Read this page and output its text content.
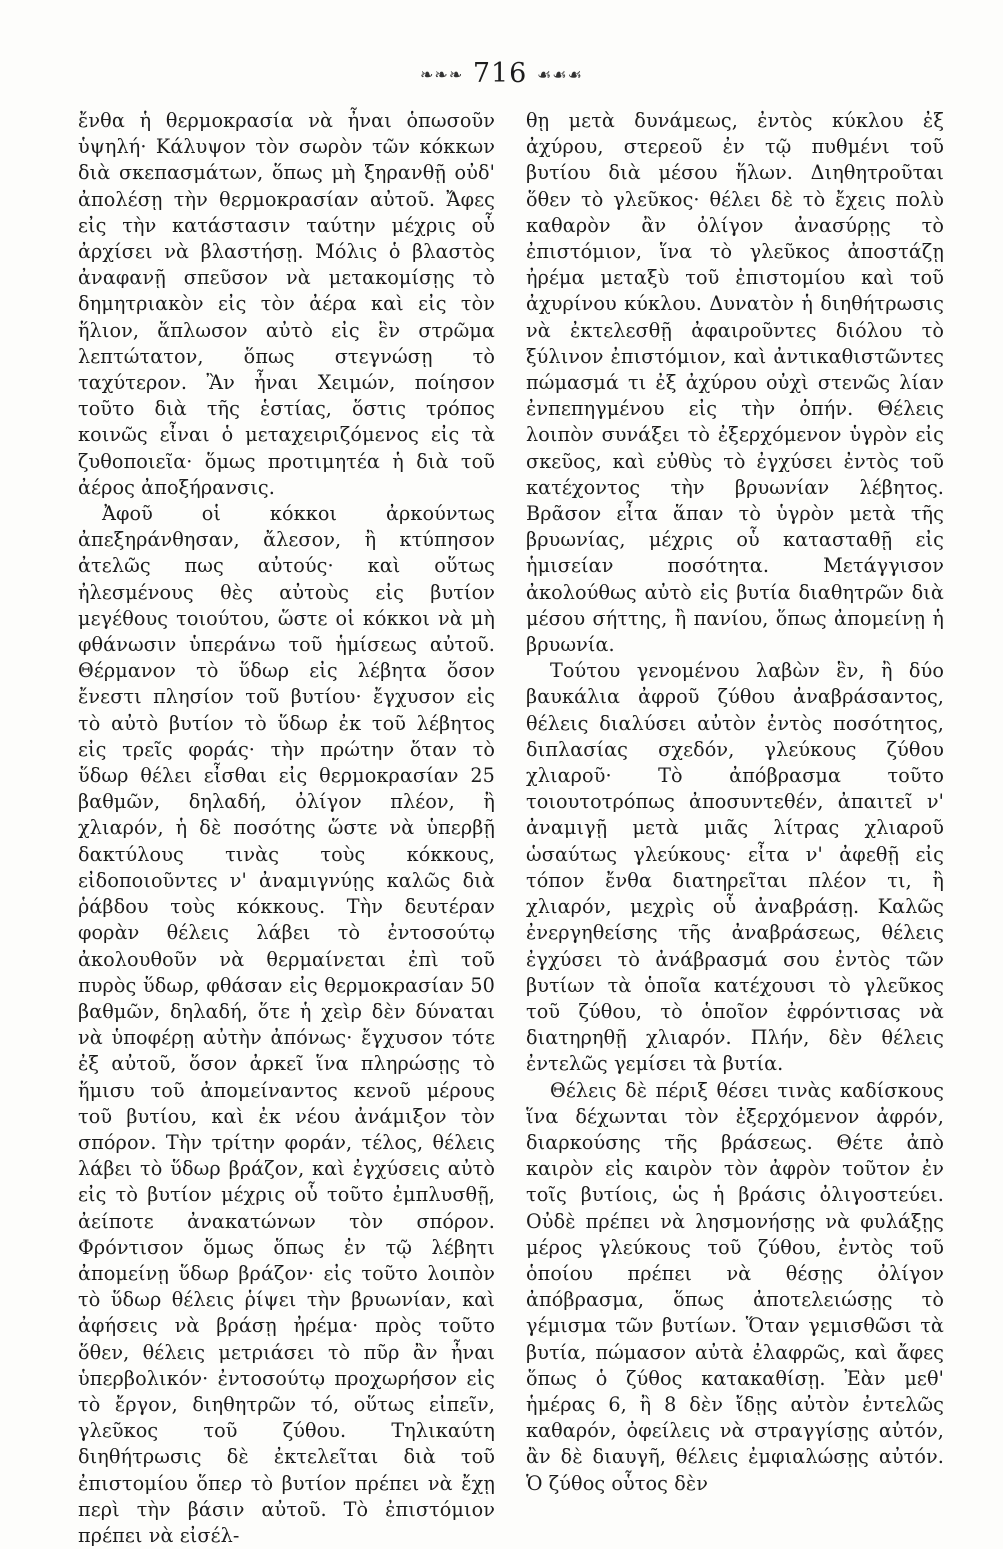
❧❧❧ 716 ☙☙☙

ἔνθα ἡ θερμοκρασία νὰ ἦναι ὁπωσοῦν ὑψηλή· Κάλυψον τὸν σωρὸν τῶν κόκκων διὰ σκεπασμάτων, ὅπως μὴ ξηρανθῇ οὐδ' ἀπολέσῃ τὴν θερμοκρασίαν αὐτοῦ. Ἄφες εἰς τὴν κατάστασιν ταύτην μέχρις οὗ ἀρχίσει νὰ βλαστήσῃ. Μόλις ὁ βλαστὸς ἀναφανῇ σπεῦσον νὰ μετακομίσῃς τὸ δημητριακὸν εἰς τὸν ἀέρα καὶ εἰς τὸν ἥλιον, ἅπλωσον αὐτὸ εἰς ἓν στρῶμα λεπτώτατον, ὅπως στεγνώσῃ τὸ ταχύτερον. Ἂν ἦναι Χειμών, ποίησον τοῦτο διὰ τῆς ἑστίας, ὅστις τρόπος κοινῶς εἶναι ὁ μεταχειριζόμενος εἰς τὰ ζυθοποιεῖα· ὅμως προτιμητέα ἡ διὰ τοῦ ἀέρος ἀποξήρανσις.

Ἀφοῦ οἱ κόκκοι ἀρκούντως ἀπεξηράνθησαν, ἄλεσον, ἢ κτύπησον ἀτελῶς πως αὐτούς· καὶ οὕτως ἠλεσμένους θὲς αὐτοὺς εἰς βυτίον μεγέθους τοιούτου, ὥστε οἱ κόκκοι νὰ μὴ φθάνωσιν ὑπεράνω τοῦ ἡμίσεως αὐτοῦ. Θέρμανον τὸ ὕδωρ εἰς λέβητα ὅσον ἔνεστι πλησίον τοῦ βυτίου· ἔγχυσον εἰς τὸ αὐτὸ βυτίον τὸ ὕδωρ ἐκ τοῦ λέβητος εἰς τρεῖς φοράς· τὴν πρώτην ὅταν τὸ ὕδωρ θέλει εἶσθαι εἰς θερμοκρασίαν 25 βαθμῶν, δηλαδή, ὀλίγον πλέον, ἢ χλιαρόν, ἡ δὲ ποσότης ὥστε νὰ ὑπερβῇ δακτύλους τινὰς τοὺς κόκκους, εἰδοποιοῦντες ν' ἀναμιγνύῃς καλῶς διὰ ῥάβδου τοὺς κόκκους. Τὴν δευτέραν φορὰν θέλεις λάβει τὸ ἐντοσούτῳ ἀκολουθοῦν νὰ θερμαίνεται ἐπὶ τοῦ πυρὸς ὕδωρ, φθάσαν εἰς θερμοκρασίαν 50 βαθμῶν, δηλαδή, ὅτε ἡ χεὶρ δὲν δύναται νὰ ὑποφέρῃ αὐτὴν ἀπόνως· ἔγχυσον τότε ἐξ αὐτοῦ, ὅσον ἀρκεῖ ἵνα πληρώσῃς τὸ ἥμισυ τοῦ ἀπομείναντος κενοῦ μέρους τοῦ βυτίου, καὶ ἐκ νέου ἀνάμιξον τὸν σπόρον. Τὴν τρίτην φοράν, τέλος, θέλεις λάβει τὸ ὕδωρ βράζον, καὶ ἐγχύσεις αὐτὸ εἰς τὸ βυτίον μέχρις οὗ τοῦτο ἐμπλυσθῇ, ἀείποτε ἀνακατώνων τὸν σπόρον. Φρόντισον ὅμως ὅπως ἐν τῷ λέβητι ἀπομείνῃ ὕδωρ βράζον· εἰς τοῦτο λοιπὸν τὸ ὕδωρ θέλεις ῥίψει τὴν βρυωνίαν, καὶ ἀφήσεις νὰ βράσῃ ἠρέμα· πρὸς τοῦτο ὅθεν, θέλεις μετριάσει τὸ πῦρ ἂν ἦναι ὑπερβολικόν· ἐντοσούτῳ προχωρήσον εἰς τὸ ἔργον, διηθητρῶν τό, οὕτως εἰπεῖν, γλεῦκος τοῦ ζύθου. Τηλικαύτη διηθήτρωσις δὲ ἐκτελεῖται διὰ τοῦ ἐπιστομίου ὅπερ τὸ βυτίον πρέπει νὰ ἔχῃ περὶ τὴν βάσιν αὐτοῦ. Τὸ ἐπιστόμιον πρέπει νὰ εἰσέλ-

θῃ μετὰ δυνάμεως, ἐντὸς κύκλου ἐξ ἀχύρου, στερεοῦ ἐν τῷ πυθμένι τοῦ βυτίου διὰ μέσου ἥλων. Διηθητροῦται ὅθεν τὸ γλεῦκος· θέλει δὲ τὸ ἔχεις πολὺ καθαρὸν ἂν ὀλίγον ἀνασύρῃς τὸ ἐπιστόμιον, ἵνα τὸ γλεῦκος ἀποστάζῃ ἠρέμα μεταξὺ τοῦ ἐπιστομίου καὶ τοῦ ἀχυρίνου κύκλου. Δυνατὸν ἡ διηθήτρωσις νὰ ἐκτελεσθῇ ἀφαιροῦντες διόλου τὸ ξύλινον ἐπιστόμιον, καὶ ἀντικαθιστῶντες πώμασμά τι ἐξ ἀχύρου οὐχὶ στενῶς λίαν ἐνπεπηγμένου εἰς τὴν ὀπήν. Θέλεις λοιπὸν συνάξει τὸ ἐξερχόμενον ὑγρὸν εἰς σκεῦος, καὶ εὐθὺς τὸ ἐγχύσει ἐντὸς τοῦ κατέχοντος τὴν βρυωνίαν λέβητος. Βρᾶσον εἶτα ἅπαν τὸ ὑγρὸν μετὰ τῆς βρυωνίας, μέχρις οὗ κατασταθῇ εἰς ἡμισείαν ποσότητα. Μετάγγισον ἀκολούθως αὐτὸ εἰς βυτία διαθητρῶν διὰ μέσου σήττης, ἢ πανίου, ὅπως ἀπομείνῃ ἡ βρυωνία.

Τούτου γενομένου λαβὼν ἓν, ἢ δύο βαυκάλια ἀφροῦ ζύθου ἀναβράσαντος, θέλεις διαλύσει αὐτὸν ἐντὸς ποσότητος, διπλασίας σχεδόν, γλεύκους ζύθου χλιαροῦ· Τὸ ἀπόβρασμα τοῦτο τοιουτοτρόπως ἀποσυντεθέν, ἀπαιτεῖ ν' ἀναμιγῇ μετὰ μιᾶς λίτρας χλιαροῦ ὡσαύτως γλεύκους· εἶτα ν' ἀφεθῇ εἰς τόπον ἔνθα διατηρεῖται πλέον τι, ἢ χλιαρόν, μεχρὶς οὗ ἀναβράσῃ. Καλῶς ἐνεργηθείσης τῆς ἀναβράσεως, θέλεις ἐγχύσει τὸ ἀνάβρασμά σου ἐντὸς τῶν βυτίων τὰ ὁποῖα κατέχουσι τὸ γλεῦκος τοῦ ζύθου, τὸ ὁποῖον ἐφρόντισας νὰ διατηρηθῇ χλιαρόν. Πλήν, δὲν θέλεις ἐντελῶς γεμίσει τὰ βυτία.

Θέλεις δὲ πέριξ θέσει τινὰς καδίσκους ἵνα δέχωνται τὸν ἐξερχόμενον ἀφρόν, διαρκούσης τῆς βράσεως. Θέτε ἀπὸ καιρὸν εἰς καιρὸν τὸν ἀφρὸν τοῦτον ἐν τοῖς βυτίοις, ὡς ἡ βράσις ὀλιγοστεύει. Οὐδὲ πρέπει νὰ λησμονήσῃς νὰ φυλάξῃς μέρος γλεύκους τοῦ ζύθου, ἐντὸς τοῦ ὁποίου πρέπει νὰ θέσῃς ὀλίγον ἀπόβρασμα, ὅπως ἀποτελειώσῃς τὸ γέμισμα τῶν βυτίων. Ὅταν γεμισθῶσι τὰ βυτία, πώμασον αὐτὰ ἐλαφρῶς, καὶ ἄφες ὅπως ὁ ζύθος κατακαθίσῃ. Ἐὰν μεθ' ἡμέρας 6, ἢ 8 δὲν ἴδῃς αὐτὸν ἐντελῶς καθαρόν, ὀφείλεις νὰ στραγγίσῃς αὐτόν, ἂν δὲ διαυγῆ, θέλεις ἐμφιαλώσῃς αὐτόν. Ὁ ζύθος οὗτος δὲν
